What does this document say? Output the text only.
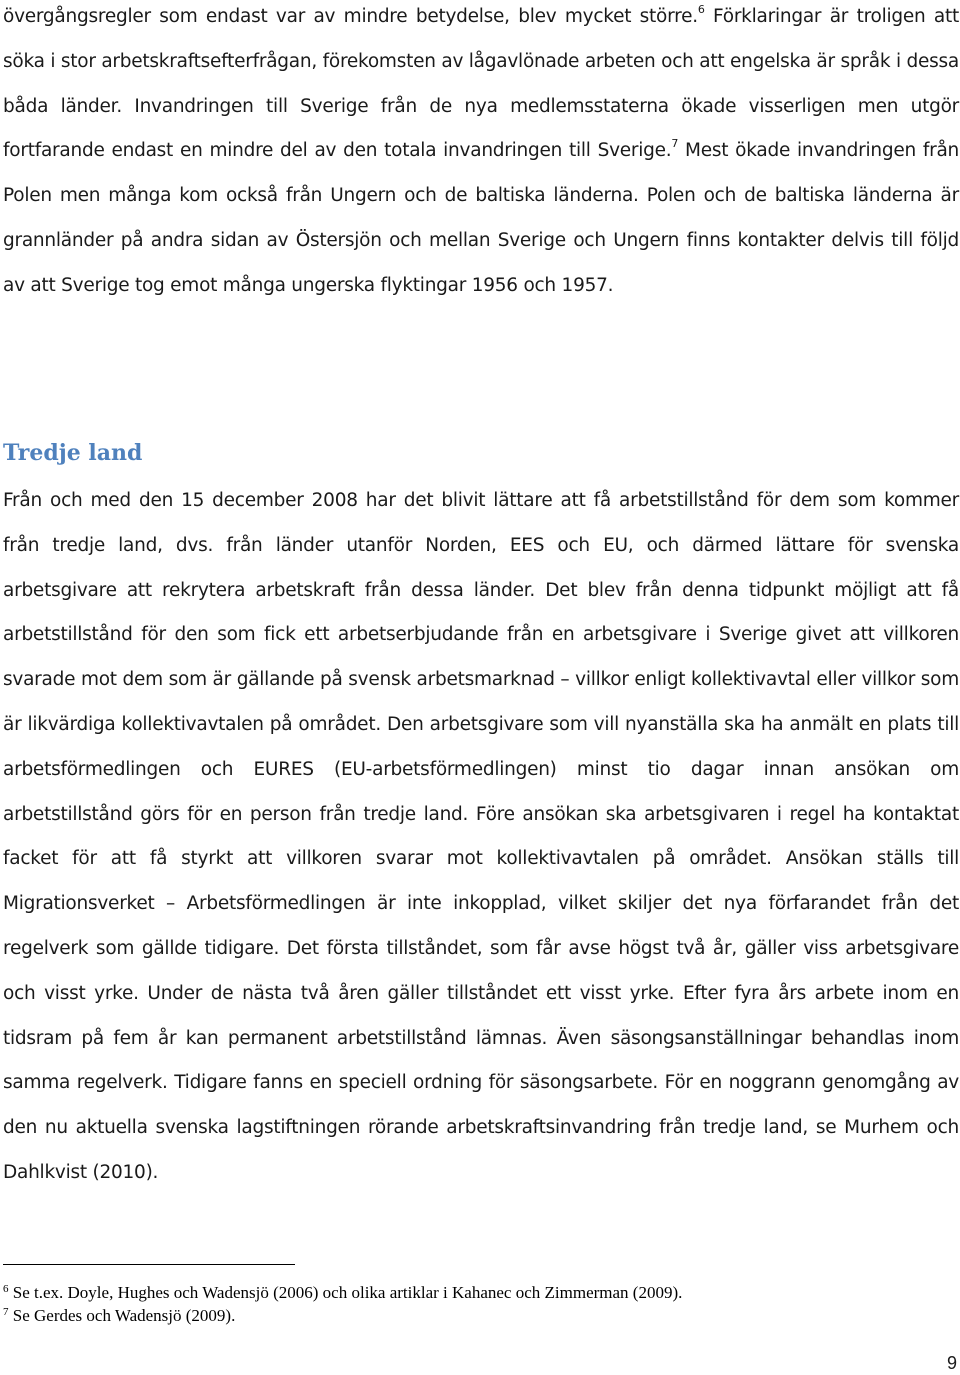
övergångsregler som endast var av mindre betydelse, blev mycket större.$^6$ Förklaringar är troligen att söka i stor arbetskraftsefterfrågan, förekomsten av lågavlönade arbeten och att engelska är språk i dessa båda länder. Invandringen till Sverige från de nya medlemsstaterna ökade visserligen men utgör fortfarande endast en mindre del av den totala invandringen till Sverige.$^7$ Mest ökade invandringen från Polen men många kom också från Ungern och de baltiska länderna. Polen och de baltiska länderna är grannländer på andra sidan av Östersjön och mellan Sverige och Ungern finns kontakter delvis till följd av att Sverige tog emot många ungerska flyktingar 1956 och 1957.

Tredje land

Från och med den 15 december 2008 har det blivit lättare att få arbetstillstånd för dem som kommer från tredje land, dvs. från länder utanför Norden, EES och EU, och därmed lättare för svenska arbetsgivare att rekrytera arbetskraft från dessa länder. Det blev från denna tidpunkt möjligt att få arbetstillstånd för den som fick ett arbetserbjudande från en arbetsgivare i Sverige givet att villkoren svarade mot dem som är gällande på svensk arbetsmarknad – villkor enligt kollektivavtal eller villkor som är likvärdiga kollektivavtalen på området. Den arbetsgivare som vill nyanställa ska ha anmält en plats till arbetsförmedlingen och EURES (EU-arbetsförmedlingen) minst tio dagar innan ansökan om arbetstillstånd görs för en person från tredje land. Före ansökan ska arbetsgivaren i regel ha kontaktat facket för att få styrkt att villkoren svarar mot kollektivavtalen på området. Ansökan ställs till Migrationsverket – Arbetsförmedlingen är inte inkopplad, vilket skiljer det nya förfarandet från det regelverk som gällde tidigare. Det första tillståndet, som får avse högst två år, gäller viss arbetsgivare och visst yrke. Under de nästa två åren gäller tillståndet ett visst yrke. Efter fyra års arbete inom en tidsram på fem år kan permanent arbetstillstånd lämnas. Även säsongsanställningar behandlas inom samma regelverk. Tidigare fanns en speciell ordning för säsongsarbete. För en noggrann genomgång av den nu aktuella svenska lagstiftningen rörande arbetskraftsinvandring från tredje land, se Murhem och Dahlkvist (2010).

$^6$ Se t.ex. Doyle, Hughes och Wadensjö (2006) och olika artiklar i Kahanec och Zimmerman (2009).

$^7$ Se Gerdes och Wadensjö (2009).

9
